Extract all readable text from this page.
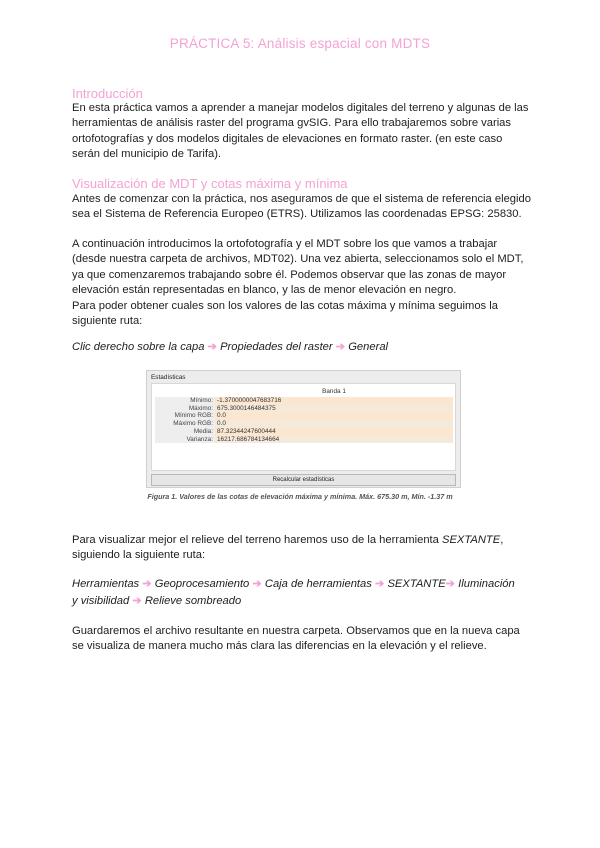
PRÁCTICA 5: Análisis espacial con MDTS
Introducción
En esta práctica vamos a aprender a manejar modelos digitales del terreno y algunas de las
herramientas de análisis raster del programa gvSIG. Para ello trabajaremos sobre varias
ortofotografías y dos modelos digitales de elevaciones en formato raster. (en este caso
serán del municipio de Tarifa).
Visualización de MDT y cotas máxima y mínima
Antes de comenzar con la práctica, nos aseguramos de que el sistema de referencia elegido
sea el Sistema de Referencia Europeo (ETRS). Utilizamos las coordenadas EPSG: 25830.
A continuación introducimos la ortofotografía y el MDT sobre los que vamos a trabajar
(desde nuestra carpeta de archivos, MDT02). Una vez abierta, seleccionamos solo el MDT,
ya que comenzaremos trabajando sobre él. Podemos observar que las zonas de mayor
elevación están representadas en blanco, y las de menor elevación en negro.
Para poder obtener cuales son los valores de las cotas máxima y mínima seguimos la
siguiente ruta:
Clic derecho sobre la capa ➔ Propiedades del raster ➔ General
Estadísticas
	Banda 1
Mínimo:	-1.3700000047683716
Máximo:	675.3000146484375
Mínimo RGB:	0.0
Máximo RGB:	0.0
Media:	87.32344247600444
Varianza:	16217.686784134664
Recalcular estadísticas
Figura 1. Valores de las cotas de elevación máxima y mínima. Máx. 675.30 m, Mín. -1.37 m
Para visualizar mejor el relieve del terreno haremos uso de la herramienta SEXTANTE,
siguiendo la siguiente ruta:
Herramientas ➔ Geoprocesamiento ➔ Caja de herramientas ➔ SEXTANTE➔ Iluminación
y visibilidad ➔ Relieve sombreado
Guardaremos el archivo resultante en nuestra carpeta. Observamos que en la nueva capa
se visualiza de manera mucho más clara las diferencias en la elevación y el relieve.
